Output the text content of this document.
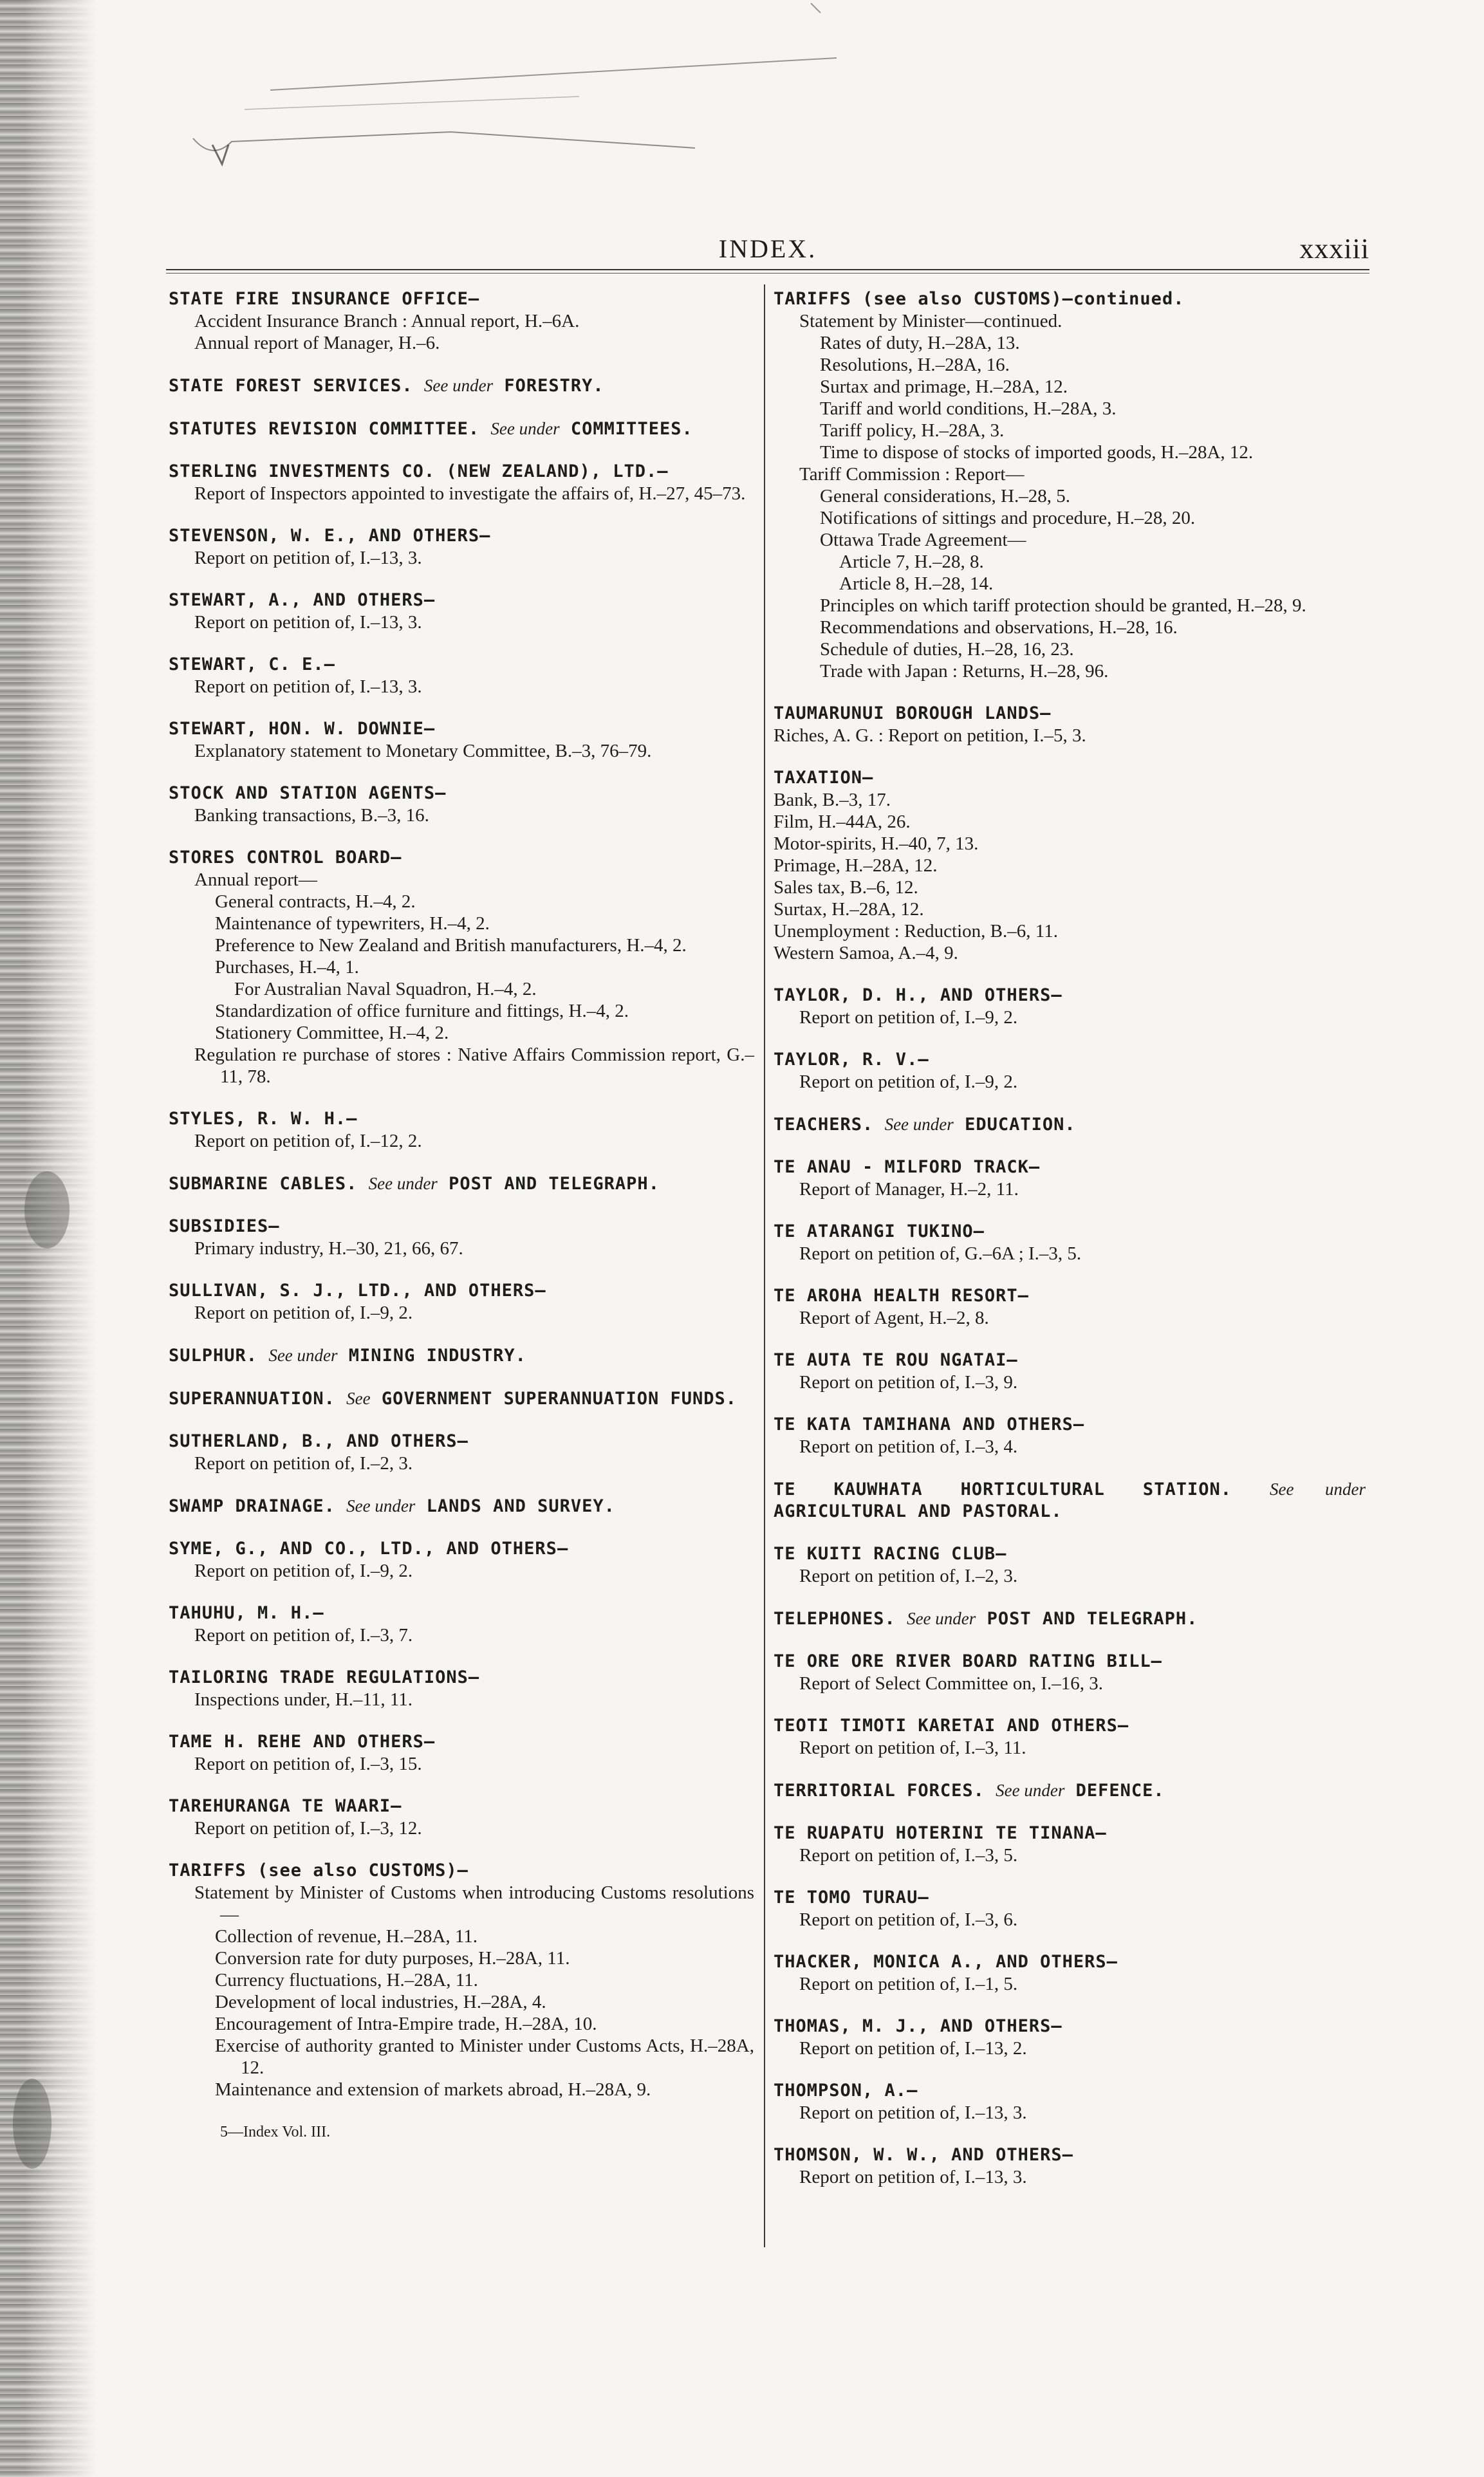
INDEX.	xxxiii
STATE FIRE INSURANCE OFFICE—
Accident Insurance Branch : Annual report, H.–6A.
Annual report of Manager, H.–6.
STATE FOREST SERVICES. See under FORESTRY.
STATUTES REVISION COMMITTEE. See under COMMITTEES.
STERLING INVESTMENTS CO. (NEW ZEALAND), LTD.—
Report of Inspectors appointed to investigate the affairs of, H.–27, 45–73.
STEVENSON, W. E., AND OTHERS—
Report on petition of, I.–13, 3.
STEWART, A., AND OTHERS—
Report on petition of, I.–13, 3.
STEWART, C. E.—
Report on petition of, I.–13, 3.
STEWART, HON. W. DOWNIE—
Explanatory statement to Monetary Committee, B.–3, 76–79.
STOCK AND STATION AGENTS—
Banking transactions, B.–3, 16.
STORES CONTROL BOARD—
Annual report—
General contracts, H.–4, 2.
Maintenance of typewriters, H.–4, 2.
Preference to New Zealand and British manufacturers, H.–4, 2.
Purchases, H.–4, 1.
For Australian Naval Squadron, H.–4, 2.
Standardization of office furniture and fittings, H.–4, 2.
Stationery Committee, H.–4, 2.
Regulation re purchase of stores : Native Affairs Commission report, G.–11, 78.
STYLES, R. W. H.—
Report on petition of, I.–12, 2.
SUBMARINE CABLES. See under POST AND TELEGRAPH.
SUBSIDIES—
Primary industry, H.–30, 21, 66, 67.
SULLIVAN, S. J., LTD., AND OTHERS—
Report on petition of, I.–9, 2.
SULPHUR. See under MINING INDUSTRY.
SUPERANNUATION. See GOVERNMENT SUPERANNUATION FUNDS.
SUTHERLAND, B., AND OTHERS—
Report on petition of, I.–2, 3.
SWAMP DRAINAGE. See under LANDS AND SURVEY.
SYME, G., AND CO., LTD., AND OTHERS—
Report on petition of, I.–9, 2.
TAHUHU, M. H.—
Report on petition of, I.–3, 7.
TAILORING TRADE REGULATIONS—
Inspections under, H.–11, 11.
TAME H. REHE AND OTHERS—
Report on petition of, I.–3, 15.
TAREHURANGA TE WAARI—
Report on petition of, I.–3, 12.
TARIFFS (see also CUSTOMS)—
Statement by Minister of Customs when introducing Customs resolutions—
Collection of revenue, H.–28A, 11.
Conversion rate for duty purposes, H.–28A, 11.
Currency fluctuations, H.–28A, 11.
Development of local industries, H.–28A, 4.
Encouragement of Intra-Empire trade, H.–28A, 10.
Exercise of authority granted to Minister under Customs Acts, H.–28A, 12.
Maintenance and extension of markets abroad, H.–28A, 9.
5—Index Vol. III.
TARIFFS (see also CUSTOMS)—continued.
Statement by Minister—continued.
Rates of duty, H.–28A, 13.
Resolutions, H.–28A, 16.
Surtax and primage, H.–28A, 12.
Tariff and world conditions, H.–28A, 3.
Tariff policy, H.–28A, 3.
Time to dispose of stocks of imported goods, H.–28A, 12.
Tariff Commission : Report—
General considerations, H.–28, 5.
Notifications of sittings and procedure, H.–28, 20.
Ottawa Trade Agreement—
Article 7, H.–28, 8.
Article 8, H.–28, 14.
Principles on which tariff protection should be granted, H.–28, 9.
Recommendations and observations, H.–28, 16.
Schedule of duties, H.–28, 16, 23.
Trade with Japan : Returns, H.–28, 96.
TAUMARUNUI BOROUGH LANDS—
Riches, A. G. : Report on petition, I.–5, 3.
TAXATION—
Bank, B.–3, 17.
Film, H.–44A, 26.
Motor-spirits, H.–40, 7, 13.
Primage, H.–28A, 12.
Sales tax, B.–6, 12.
Surtax, H.–28A, 12.
Unemployment : Reduction, B.–6, 11.
Western Samoa, A.–4, 9.
TAYLOR, D. H., AND OTHERS—
Report on petition of, I.–9, 2.
TAYLOR, R. V.—
Report on petition of, I.–9, 2.
TEACHERS. See under EDUCATION.
TE ANAU - MILFORD TRACK—
Report of Manager, H.–2, 11.
TE ATARANGI TUKINO—
Report on petition of, G.–6A ; I.–3, 5.
TE AROHA HEALTH RESORT—
Report of Agent, H.–2, 8.
TE AUTA TE ROU NGATAI—
Report on petition of, I.–3, 9.
TE KATA TAMIHANA AND OTHERS—
Report on petition of, I.–3, 4.
TE KAUWHATA HORTICULTURAL STATION. See under AGRICULTURAL AND PASTORAL.
TE KUITI RACING CLUB—
Report on petition of, I.–2, 3.
TELEPHONES. See under POST AND TELEGRAPH.
TE ORE ORE RIVER BOARD RATING BILL—
Report of Select Committee on, I.–16, 3.
TEOTI TIMOTI KARETAI AND OTHERS—
Report on petition of, I.–3, 11.
TERRITORIAL FORCES. See under DEFENCE.
TE RUAPATU HOTERINI TE TINANA—
Report on petition of, I.–3, 5.
TE TOMO TURAU—
Report on petition of, I.–3, 6.
THACKER, MONICA A., AND OTHERS—
Report on petition of, I.–1, 5.
THOMAS, M. J., AND OTHERS—
Report on petition of, I.–13, 2.
THOMPSON, A.—
Report on petition of, I.–13, 3.
THOMSON, W. W., AND OTHERS—
Report on petition of, I.–13, 3.
